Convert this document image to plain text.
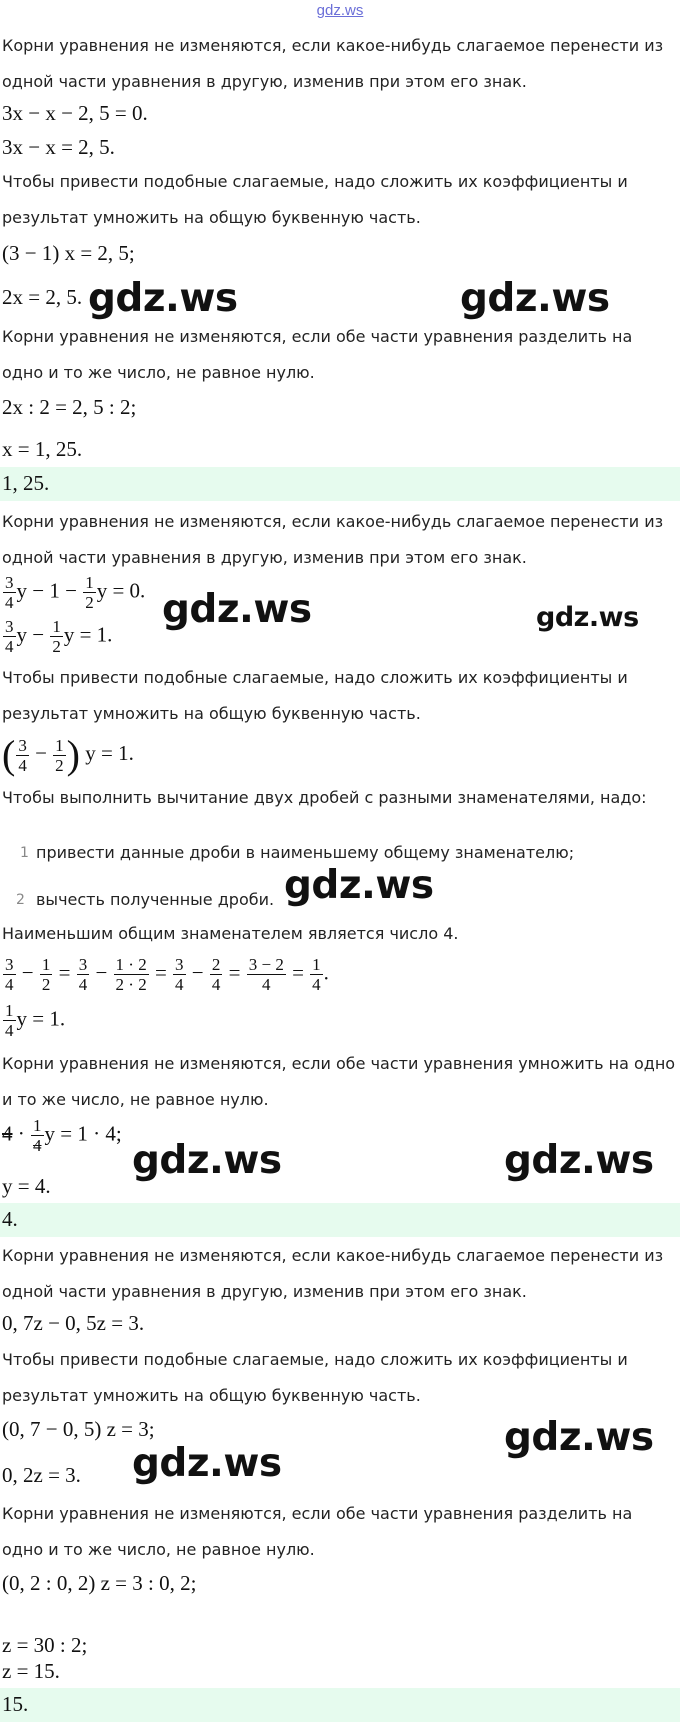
gdz.ws
Корни уравнения не изменяются, если какое-нибудь слагаемое перенести из
одной части уравнения в другую, изменив при этом его знак.
3x − x − 2, 5 = 0.
3x − x = 2, 5.
Чтобы привести подобные слагаемые, надо сложить их коэффициенты и
результат умножить на общую буквенную часть.
(3 − 1) x = 2, 5;
2x = 2, 5. gdz.ws	gdz.ws
Корни уравнения не изменяются, если обе части уравнения разделить на
одно и то же число, не равное нулю.
2x : 2 = 2, 5 : 2;
x = 1, 25.
1, 25.
Корни уравнения не изменяются, если какое-нибудь слагаемое перенести из
одной части уравнения в другую, изменив при этом его знак.
$\frac{3}{4}$ $y - 1 - \frac{1}{2}$ y = 0.
$\frac{3}{4}$ $y - \frac{1}{2}$ y = 1.
gdz.ws	gdz.ws
Чтобы привести подобные слагаемые, надо сложить их коэффициенты и
результат умножить на общую буквенную часть.
( $\frac{3}{4} - \frac{1}{2}$ ) y = 1.
Чтобы выполнить вычитание двух дробей с разными знаменателями, надо:
1 привести данные дроби в наименьшему общему знаменателю;
2 вычесть полученные дроби. gdz.ws
Наименьшим общим знаменателем является число 4.
$\frac{3}{4} - \frac{1}{2} = \frac{3}{4} - \frac{1 \cdot 2}{2 \cdot 2} = \frac{3}{4} - \frac{2}{4} = \frac{3 - 2}{4} = \frac{1}{4}$ .
$\frac{1}{4}$ y = 1.
Корни уравнения не изменяются, если обе части уравнения умножить на одно
и то же число, не равное нулю.
$4 \cdot \frac{1}{4}$ y = 1 · 4;
gdz.ws	gdz.ws
y = 4.
4.
Корни уравнения не изменяются, если какое-нибудь слагаемое перенести из
одной части уравнения в другую, изменив при этом его знак.
0, 7z − 0, 5z = 3.
Чтобы привести подобные слагаемые, надо сложить их коэффициенты и
результат умножить на общую буквенную часть.
(0, 7 − 0, 5) z = 3;	gdz.ws
0, 2z = 3. gdz.ws
Корни уравнения не изменяются, если обе части уравнения разделить на
одно и то же число, не равное нулю.
(0, 2 : 0, 2) z = 3 : 0, 2;
z = 30 : 2;
z = 15.
15.
